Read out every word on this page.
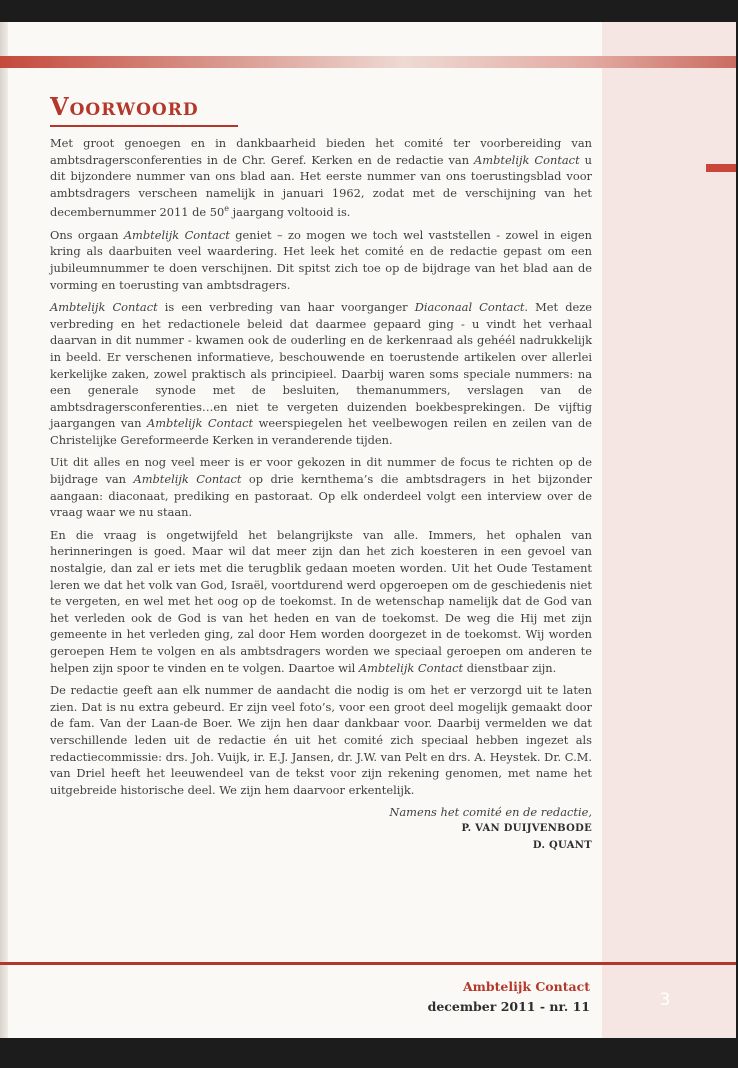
Voorwoord

Met groot genoegen en in dankbaarheid bieden het comité ter voorbereiding van ambtsdragersconferenties in de Chr. Geref. Kerken en de redactie van Ambtelijk Contact u dit bijzondere nummer van ons blad aan. Het eerste nummer van ons toerustingsblad voor ambtsdragers verscheen namelijk in januari 1962, zodat met de verschijning van het decembernummer 2011 de 50e jaargang voltooid is.

Ons orgaan Ambtelijk Contact geniet – zo mogen we toch wel vaststellen - zowel in eigen kring als daarbuiten veel waardering. Het leek het comité en de redactie gepast om een jubileumnummer te doen verschijnen. Dit spitst zich toe op de bijdrage van het blad aan de vorming en toerusting van ambtsdragers.

Ambtelijk Contact is een verbreding van haar voorganger Diaconaal Contact. Met deze verbreding en het redactionele beleid dat daarmee gepaard ging - u vindt het verhaal daarvan in dit nummer - kwamen ook de ouderling en de kerkenraad als gehéél nadrukkelijk in beeld. Er verschenen informatieve, beschouwende en toerustende artikelen over allerlei kerkelijke zaken, zowel praktisch als principieel. Daarbij waren soms speciale nummers: na een generale synode met de besluiten, themanummers, verslagen van de ambtsdragersconferenties…en niet te vergeten duizenden boekbesprekingen. De vijftig jaargangen van Ambtelijk Contact weerspiegelen het veelbewogen reilen en zeilen van de Christelijke Gereformeerde Kerken in veranderende tijden.

Uit dit alles en nog veel meer is er voor gekozen in dit nummer de focus te richten op de bijdrage van Ambtelijk Contact op drie kernthema’s die ambtsdragers in het bijzonder aangaan: diaconaat, prediking en pastoraat. Op elk onderdeel volgt een interview over de vraag waar we nu staan.

En die vraag is ongetwijfeld het belangrijkste van alle. Immers, het ophalen van herinneringen is goed. Maar wil dat meer zijn dan het zich koesteren in een gevoel van nostalgie, dan zal er iets met die terugblik gedaan moeten worden. Uit het Oude Testament leren we dat het volk van God, Israël, voortdurend werd opgeroepen om de geschiedenis niet te vergeten, en wel met het oog op de toekomst. In de wetenschap namelijk dat de God van het verleden ook de God is van het heden en van de toekomst. De weg die Hij met zijn gemeente in het verleden ging, zal door Hem worden doorgezet in de toekomst. Wij worden geroepen Hem te volgen en als ambtsdragers worden we speciaal geroepen om anderen te helpen zijn spoor te vinden en te volgen. Daartoe wil Ambtelijk Contact dienstbaar zijn.

De redactie geeft aan elk nummer de aandacht die nodig is om het er verzorgd uit te laten zien. Dat is nu extra gebeurd. Er zijn veel foto’s, voor een groot deel mogelijk gemaakt door de fam. Van der Laan-de Boer. We zijn hen daar dankbaar voor. Daarbij vermelden we dat verschillende leden uit de redactie én uit het comité zich speciaal hebben ingezet als redactiecommissie: drs. Joh. Vuijk, ir. E.J. Jansen, dr. J.W. van Pelt en drs. A. Heystek. Dr. C.M. van Driel heeft het leeuwendeel van de tekst voor zijn rekening genomen, met name het uitgebreide historische deel. We zijn hem daarvoor erkentelijk.

Namens het comité en de redactie,
P. VAN DUIJVENBODE
D. QUANT
Ambtelijk Contact
december 2011 - nr. 11	3
